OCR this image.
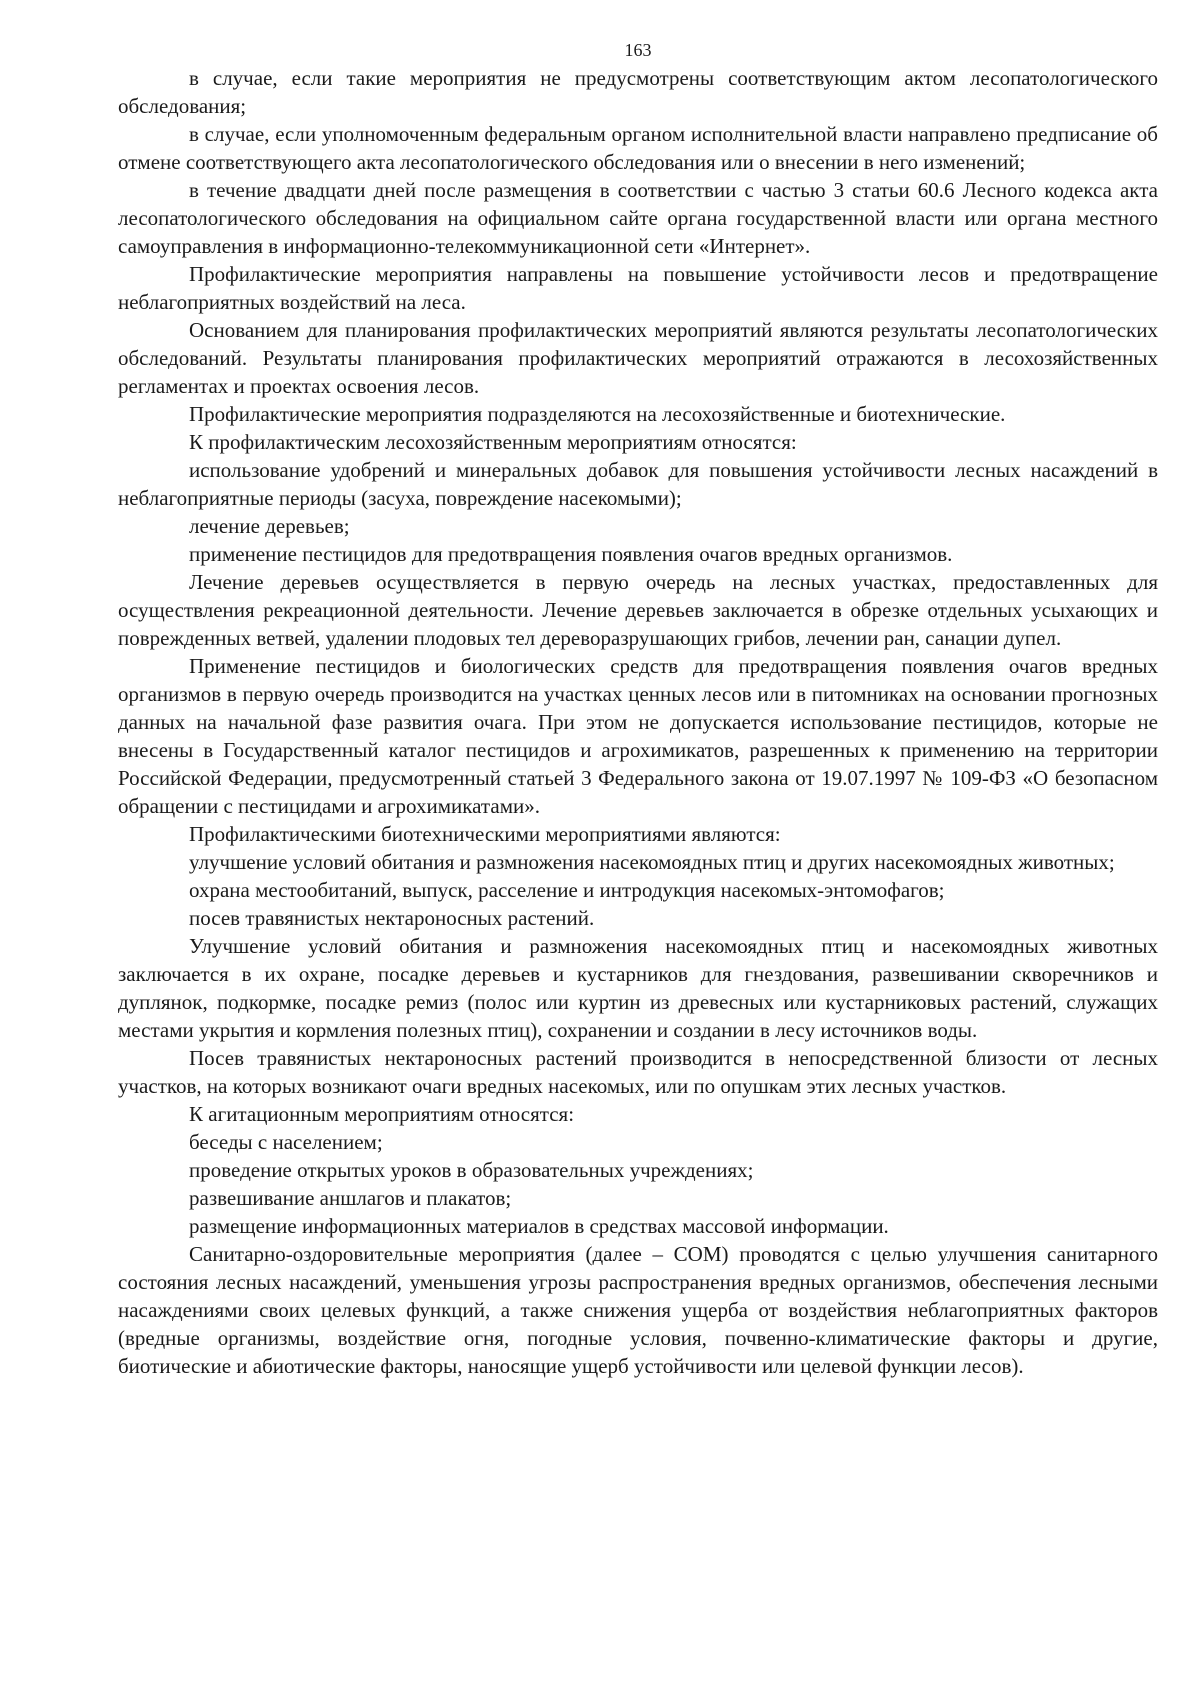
163

в случае, если такие мероприятия не предусмотрены соответствующим актом лесопатологического обследования;

в случае, если уполномоченным федеральным органом исполнительной власти направлено предписание об отмене соответствующего акта лесопатологического обследования или о внесении в него изменений;

в течение двадцати дней после размещения в соответствии с частью 3 статьи 60.6 Лесного кодекса акта лесопатологического обследования на официальном сайте органа государственной власти или органа местного самоуправления в информационно-телекоммуникационной сети «Интернет».

Профилактические мероприятия направлены на повышение устойчивости лесов и предотвращение неблагоприятных воздействий на леса.

Основанием для планирования профилактических мероприятий являются результаты лесопатологических обследований. Результаты планирования профилактических мероприятий отражаются в лесохозяйственных регламентах и проектах освоения лесов.

Профилактические мероприятия подразделяются на лесохозяйственные и биотехнические.

К профилактическим лесохозяйственным мероприятиям относятся:

использование удобрений и минеральных добавок для повышения устойчивости лесных насаждений в неблагоприятные периоды (засуха, повреждение насекомыми);

лечение деревьев;

применение пестицидов для предотвращения появления очагов вредных организмов.

Лечение деревьев осуществляется в первую очередь на лесных участках, предоставленных для осуществления рекреационной деятельности. Лечение деревьев заключается в обрезке отдельных усыхающих и поврежденных ветвей, удалении плодовых тел дереворазрушающих грибов, лечении ран, санации дупел.

Применение пестицидов и биологических средств для предотвращения появления очагов вредных организмов в первую очередь производится на участках ценных лесов или в питомниках на основании прогнозных данных на начальной фазе развития очага. При этом не допускается использование пестицидов, которые не внесены в Государственный каталог пестицидов и агрохимикатов, разрешенных к применению на территории Российской Федерации, предусмотренный статьей 3 Федерального закона от 19.07.1997 № 109-ФЗ «О безопасном обращении с пестицидами и агрохимикатами».

Профилактическими биотехническими мероприятиями являются:

улучшение условий обитания и размножения насекомоядных птиц и других насекомоядных животных;

охрана местообитаний, выпуск, расселение и интродукция насекомых-энтомофагов;

посев травянистых нектароносных растений.

Улучшение условий обитания и размножения насекомоядных птиц и насекомоядных животных заключается в их охране, посадке деревьев и кустарников для гнездования, развешивании скворечников и дуплянок, подкормке, посадке ремиз (полос или куртин из древесных или кустарниковых растений, служащих местами укрытия и кормления полезных птиц), сохранении и создании в лесу источников воды.

Посев травянистых нектароносных растений производится в непосредственной близости от лесных участков, на которых возникают очаги вредных насекомых, или по опушкам этих лесных участков.

К агитационным мероприятиям относятся:

беседы с населением;

проведение открытых уроков в образовательных учреждениях;

развешивание аншлагов и плакатов;

размещение информационных материалов в средствах массовой информации.

Санитарно-оздоровительные мероприятия (далее – СОМ) проводятся с целью улучшения санитарного состояния лесных насаждений, уменьшения угрозы распространения вредных организмов, обеспечения лесными насаждениями своих целевых функций, а также снижения ущерба от воздействия неблагоприятных факторов (вредные организмы, воздействие огня, погодные условия, почвенно-климатические факторы и другие, биотические и абиотические факторы, наносящие ущерб устойчивости или целевой функции лесов).
